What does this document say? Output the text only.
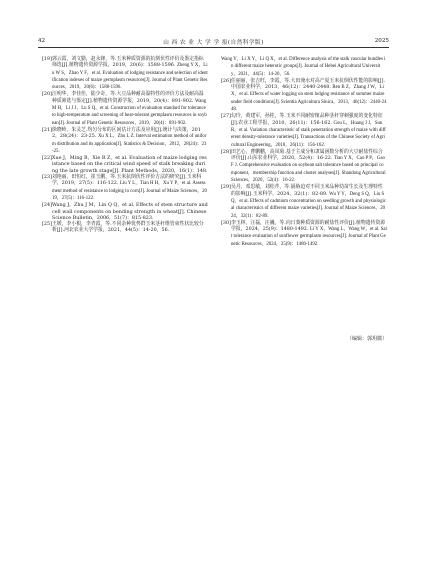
42	山 西 农 业 大 学 学 报(自然科学版)	2025

[19]郭云霞，刘文勤，赵永锋，等.玉米种质资源的抗倒伏性评价及鉴定指标筛选[J].植物遗传资源学报，2019，20(6)：1588-1596. Zheng Y X，Liu W S，Zhao Y F，et al. Evaluation of lodging resistance and selection of identification indexes of maize germplasm resources[J]. Journal of Plant Genetic Resources，2019，20(6)：1588-1596.

[20]汪明华，李佳佳，陆少奇，等.大豆品种耐高温特性的评价方法及耐高温种质筛选与鉴定[J].植物遗传资源学报，2019，20(4)：891-902. Wang M H，Li J J，Lu S Q，et al. Construction of evaluation standard for tolerance to high-temperature and screening of heat-tolerant germplasm resources in soybean[J]. Journal of Plant Genetic Resources，2019，20(4)：891-902.

[21]徐晓岭，朱灵芝.均匀分布的区间估计方法及应用[J].统计与决策，2012，28(24)：23-25. Xu X L，Zhu L Z. Interval estimation method of uniform distribution and its application[J]. Statistics & Decision，2012，28(24)：23-25.

[22]Xue J，Ming B，Xie R Z，et al. Evaluation of maize lodging resistance based on the critical wind speed of stalk breaking during the late growth stage[J]. Plant Methods，2020，16(1)：148.

[23]刘艳丽，田恒红，崔玉鹏，等.玉米抗倒伏性评价方法的研究[J].玉米科学，2019，27(5)：116-122. Liu Y L，Tian H H，Xu Y P，et al. Assessment method of resistance to lodging in corn[J]. Journal of Maize Sciences，2019，27(5)：116-122.

[24]Wang J，Zhu J M，Lin Q Q，et al. Effects of stem structure and cell wall components on bending strength in wheat[J]. Chinese Science Bulletin，2006，51(7)：815-823.

[25]王媛，李小根，李青霞，等.不同杂种优势群玉米茎秆维管束性状比较分析[J].河北农业大学学报，2021，44(5)：14-20，56.

Wang Y，Li X Y，Li Q X，et al. Difference analysis of the stalk vascular bundles in different maize heterotic groups[J]. Journal of Hebei Agricultural University，2021，44(5)：14-20，56.

[26]任丽丽，张吉旺，李霞，等.大田淹水对高产夏玉米抗倒伏性能的影响[J].中国农业科学，2013，46(12)：2440-2448. Ren B Z，Zhang J W，Li X，et al. Effects of water logging on stem lodging resistance of summer maize under field conditions[J]. Scientia Agricultura Sinica，2013，46(12)：2440-2448.

[27]勾玲，黄建军，孙桂，等.玉米不同耐密植品种茎秆穿刺强度的变化特征[J].农业工程学报，2010，26(11)：156-162. Gou L，Huang J J，Sun R，et al. Variation characteristic of stalk penetration strength of maize with different density-tolerance varieties[J]. Transactions of the Chinese Society of Agricultural Engineering，2010，26(11)：156-162.

[28]田艺心，曹鹏鹏，高凤菊.基于主成分和隶属函数分析的大豆耐盐性综合评价[J].山东农业科学，2020，52(4)：16-22. Tian Y X，Cao P P，Gao F J. Comprehensive evaluation on soybean salt tolerance based on principal component，membership function and cluster analyses[J]. Shandong Agricultural Sciences，2020，52(4)：16-22.

[29]吴丹，邓思敏，刘松芹，等.镉胁迫对不同玉米品种幼苗生长及生理特性的影响[J].玉米科学，2024，32(1)：82-89. Wu Y Y，Deng S Q，Liu S Q，et al. Effects of cadmium concentration on seedling growth and physiological characteristics of different maize varieties[J]. Journal of Maize Sciences，2024，32(1)：82-89.

[30]李玉林，汪磊，汪巍，等.向日葵种质资源的耐盐性评价[J].植物遗传资源学报，2024，25(9)：1480-1492. Li Y X，Wang L，Wang W，et al. Salt tolerance evaluation of sunflower germplasm resources[J]. Journal of Plant Genetic Resources，2024，25(9)：1480-1492.

（编辑：郭玥微）
